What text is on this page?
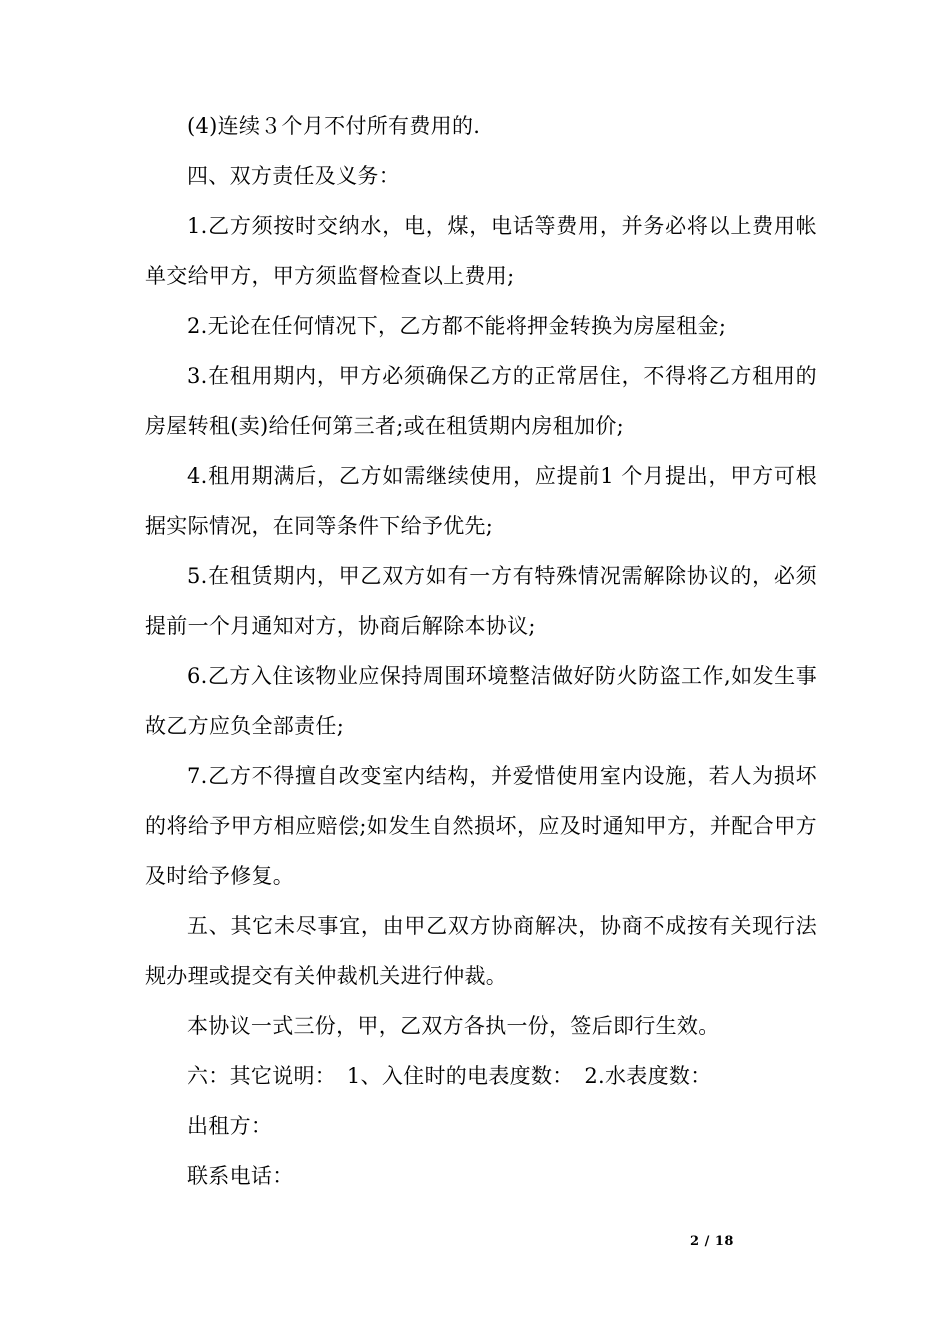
(4)连续３个月不付所有费用的.

四、双方责任及义务：

1.乙方须按时交纳水，电，煤，电话等费用，并务必将以上费用帐单交给甲方，甲方须监督检查以上费用;

2.无论在任何情况下，乙方都不能将押金转换为房屋租金;

3.在租用期内，甲方必须确保乙方的正常居住，不得将乙方租用的房屋转租(卖)给任何第三者;或在租赁期内房租加价;

4.租用期满后，乙方如需继续使用，应提前1 个月提出，甲方可根据实际情况，在同等条件下给予优先;

5.在租赁期内，甲乙双方如有一方有特殊情况需解除协议的，必须提前一个月通知对方，协商后解除本协议;

6.乙方入住该物业应保持周围环境整洁做好防火防盗工作,如发生事故乙方应负全部责任;

7.乙方不得擅自改变室内结构，并爱惜使用室内设施，若人为损坏的将给予甲方相应赔偿;如发生自然损坏，应及时通知甲方，并配合甲方及时给予修复。

五、其它未尽事宜，由甲乙双方协商解决，协商不成按有关现行法规办理或提交有关仲裁机关进行仲裁。

本协议一式三份，甲，乙双方各执一份，签后即行生效。

六：其它说明：　1、入住时的电表度数：　2.水表度数：

出租方：

联系电话：

2 / 18
